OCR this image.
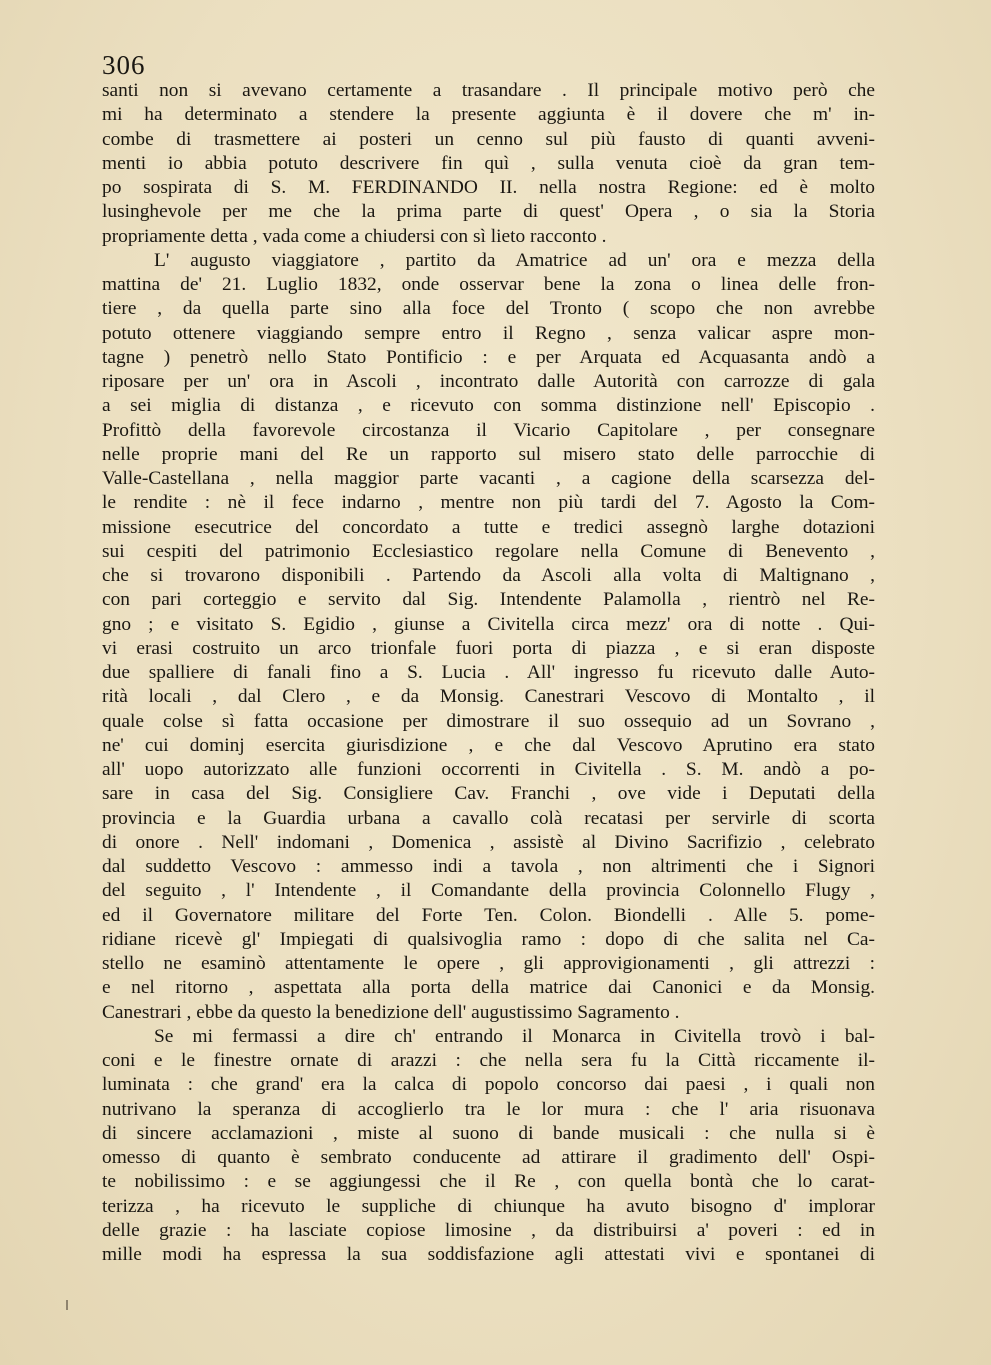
306
santi non si avevano certamente a trasandare . Il principale motivo però che
mi ha determinato a stendere la presente aggiunta è il dovere che m' in-
combe di trasmettere ai posteri un cenno sul più fausto di quanti avveni-
menti io abbia potuto descrivere fin quì , sulla venuta cioè da gran tem-
po sospirata di S. M. FERDINANDO II. nella nostra Regione: ed è molto
lusinghevole per me che la prima parte di quest' Opera , o sia la Storia
propriamente detta , vada come a chiudersi con sì lieto racconto .
L' augusto viaggiatore , partito da Amatrice ad un' ora e mezza della
mattina de' 21. Luglio 1832, onde osservar bene la zona o linea delle fron-
tiere , da quella parte sino alla foce del Tronto ( scopo che non avrebbe
potuto ottenere viaggiando sempre entro il Regno , senza valicar aspre mon-
tagne ) penetrò nello Stato Pontificio : e per Arquata ed Acquasanta andò a
riposare per un' ora in Ascoli , incontrato dalle Autorità con carrozze di gala
a sei miglia di distanza , e ricevuto con somma distinzione nell' Episcopio .
Profittò della favorevole circostanza il Vicario Capitolare , per consegnare
nelle proprie mani del Re un rapporto sul misero stato delle parrocchie di
Valle-Castellana , nella maggior parte vacanti , a cagione della scarsezza del-
le rendite : nè il fece indarno , mentre non più tardi del 7. Agosto la Com-
missione esecutrice del concordato a tutte e tredici assegnò larghe dotazioni
sui cespiti del patrimonio Ecclesiastico regolare nella Comune di Benevento ,
che si trovarono disponibili . Partendo da Ascoli alla volta di Maltignano ,
con pari corteggio e servito dal Sig. Intendente Palamolla , rientrò nel Re-
gno ; e visitato S. Egidio , giunse a Civitella circa mezz' ora di notte . Qui-
vi erasi costruito un arco trionfale fuori porta di piazza , e si eran disposte
due spalliere di fanali fino a S. Lucia . All' ingresso fu ricevuto dalle Auto-
rità locali , dal Clero , e da Monsig. Canestrari Vescovo di Montalto , il
quale colse sì fatta occasione per dimostrare il suo ossequio ad un Sovrano ,
ne' cui dominj esercita giurisdizione , e che dal Vescovo Aprutino era stato
all' uopo autorizzato alle funzioni occorrenti in Civitella . S. M. andò a po-
sare in casa del Sig. Consigliere Cav. Franchi , ove vide i Deputati della
provincia e la Guardia urbana a cavallo colà recatasi per servirle di scorta
di onore . Nell' indomani , Domenica , assistè al Divino Sacrifizio , celebrato
dal suddetto Vescovo : ammesso indi a tavola , non altrimenti che i Signori
del seguito , l' Intendente , il Comandante della provincia Colonnello Flugy ,
ed il Governatore militare del Forte Ten. Colon. Biondelli . Alle 5. pome-
ridiane ricevè gl' Impiegati di qualsivoglia ramo : dopo di che salita nel Ca-
stello ne esaminò attentamente le opere , gli approvigionamenti , gli attrezzi :
e nel ritorno , aspettata alla porta della matrice dai Canonici e da Monsig.
Canestrari , ebbe da questo la benedizione dell' augustissimo Sagramento .
Se mi fermassi a dire ch' entrando il Monarca in Civitella trovò i bal-
coni e le finestre ornate di arazzi : che nella sera fu la Città riccamente il-
luminata : che grand' era la calca di popolo concorso dai paesi , i quali non
nutrivano la speranza di accoglierlo tra le lor mura : che l' aria risuonava
di sincere acclamazioni , miste al suono di bande musicali : che nulla si è
omesso di quanto è sembrato conducente ad attirare il gradimento dell' Ospi-
te nobilissimo : e se aggiungessi che il Re , con quella bontà che lo carat-
terizza , ha ricevuto le suppliche di chiunque ha avuto bisogno d' implorar
delle grazie : ha lasciate copiose limosine , da distribuirsi a' poveri : ed in
mille modi ha espressa la sua soddisfazione agli attestati vivi e spontanei di
